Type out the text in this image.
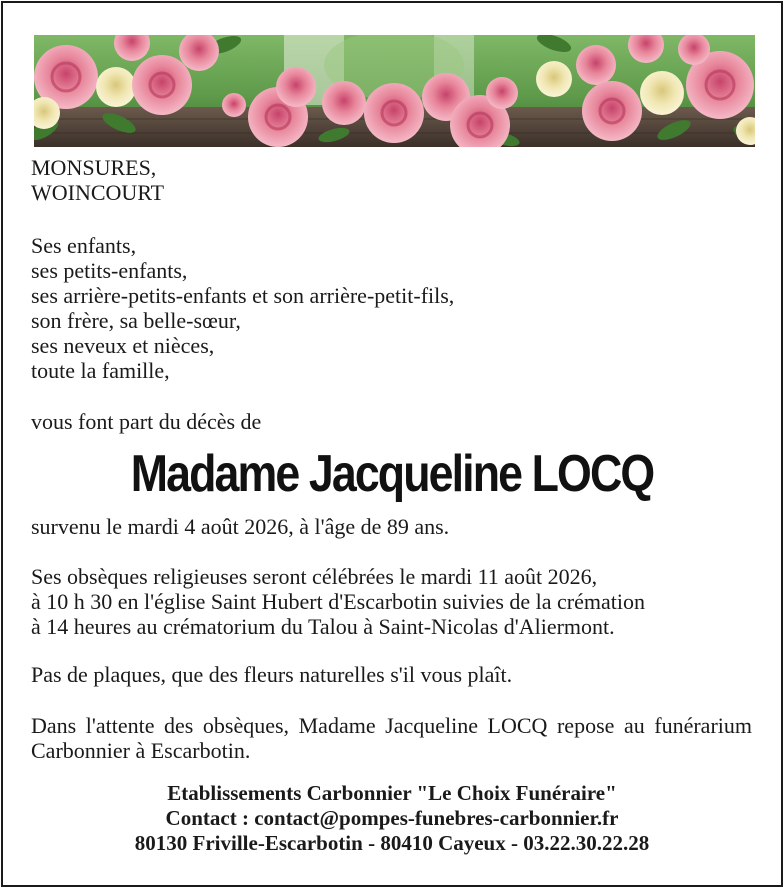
MONSURES,
WOINCOURT
Ses enfants,
ses petits-enfants,
ses arrière-petits-enfants et son arrière-petit-fils,
son frère, sa belle-sœur,
ses neveux et nièces,
toute la famille,
vous font part du décès de
Madame Jacqueline LOCQ
survenu le mardi 4 août 2026, à l'âge de 89 ans.
Ses obsèques religieuses seront célébrées le mardi 11 août 2026,
à 10 h 30 en l'église Saint Hubert d'Escarbotin suivies de la crémation
à 14 heures au crématorium du Talou à Saint-Nicolas d'Aliermont.
Pas de plaques, que des fleurs naturelles s'il vous plaît.
Dans l'attente des obsèques, Madame Jacqueline LOCQ repose au funérarium Carbonnier à Escarbotin.
Etablissements Carbonnier "Le Choix Funéraire"
Contact : contact@pompes-funebres-carbonnier.fr
80130 Friville-Escarbotin - 80410 Cayeux - 03.22.30.22.28
